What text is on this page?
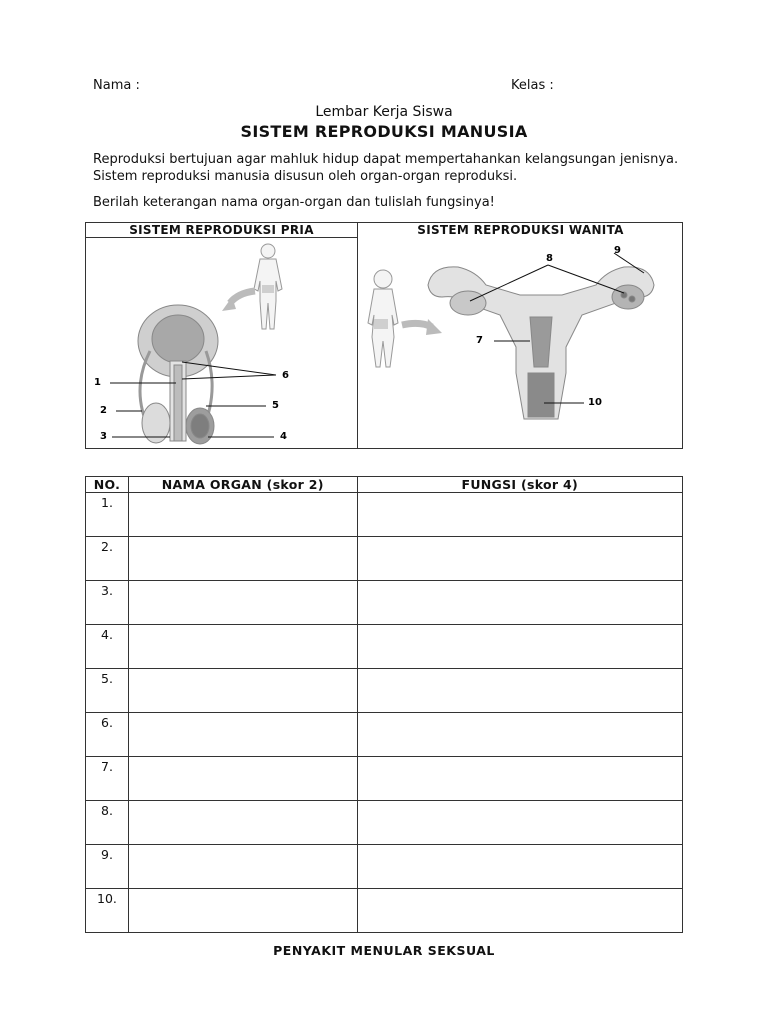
Nama :	Kelas :
Lembar Kerja Siswa
SISTEM REPRODUKSI MANUSIA
Reproduksi bertujuan agar mahluk hidup dapat mempertahankan kelangsungan jenisnya. Sistem reproduksi manusia disusun oleh organ-organ reproduksi.
Berilah keterangan nama organ-organ dan tulislah fungsinya!
SISTEM REPRODUKSI PRIA	SISTEM REPRODUKSI WANITA
1
2
3	4
5
6
7
8
9
10
NO.	NAMA ORGAN (skor 2)	FUNGSI (skor 4)
1.		
2.		
3.		
4.		
5.		
6.		
7.		
8.		
9.		
10.		
PENYAKIT MENULAR SEKSUAL
